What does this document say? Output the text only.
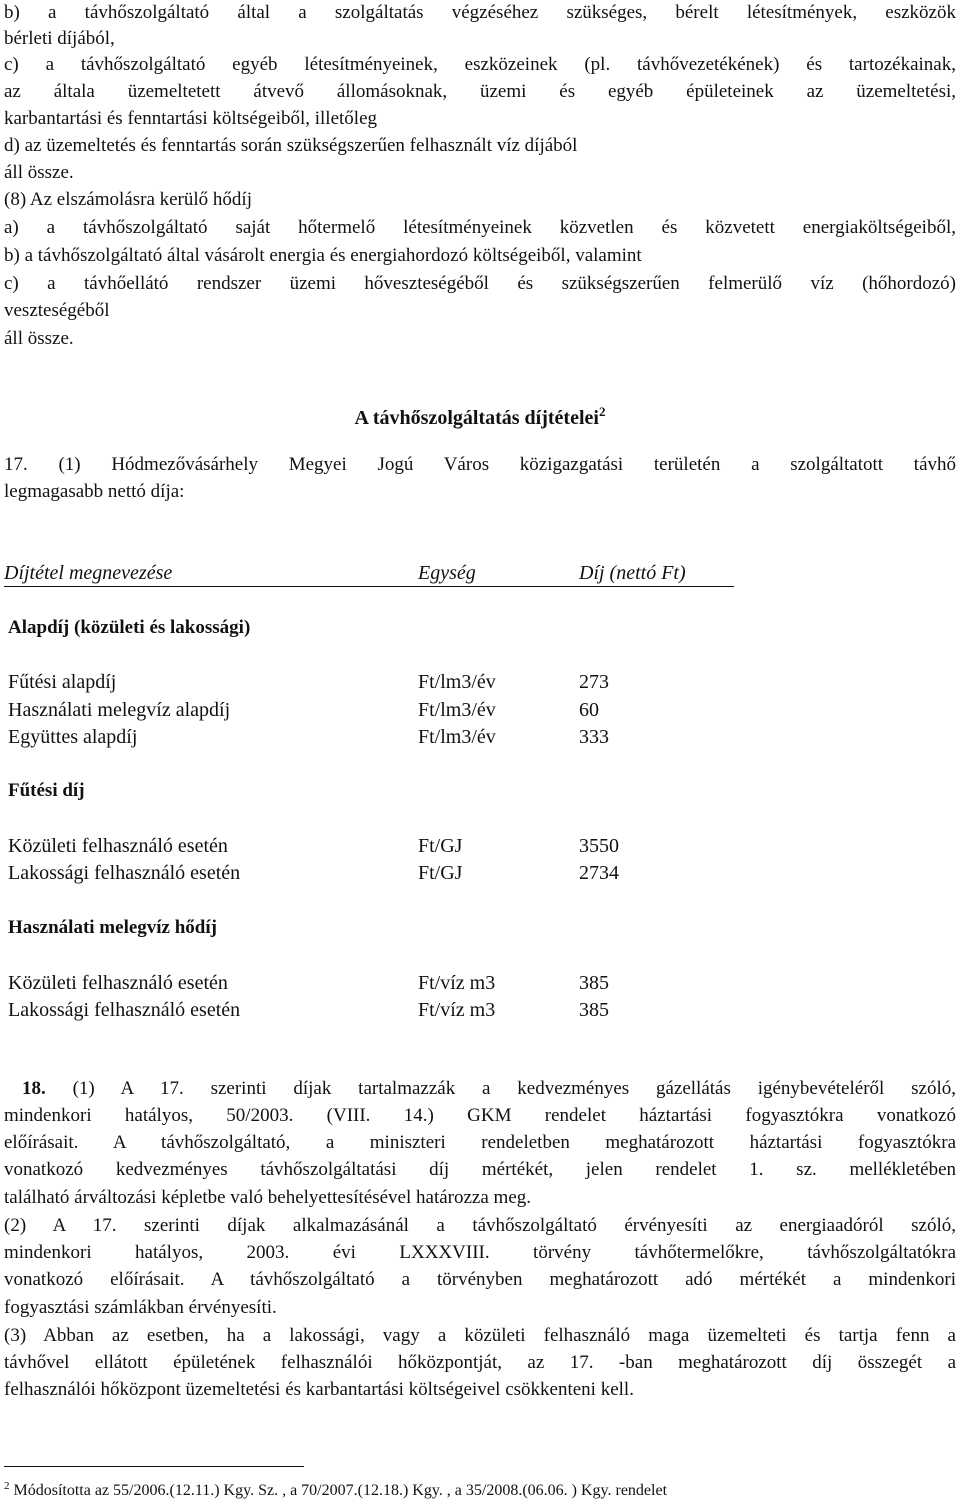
b) a távhőszolgáltató által a szolgáltatás végzéséhez szükséges, bérelt létesítmények, eszközök
bérleti díjából,
c) a távhőszolgáltató egyéb létesítményeinek, eszközeinek (pl. távhővezetékének) és tartozékainak,
az általa üzemeltetett átvevő állomásoknak, üzemi és egyéb épületeinek az üzemeltetési,
karbantartási és fenntartási költségeiből, illetőleg
d) az üzemeltetés és fenntartás során szükségszerűen felhasznált víz díjából
áll össze.
(8) Az elszámolásra kerülő hődíj
a) a távhőszolgáltató saját hőtermelő létesítményeinek közvetlen és közvetett energiaköltségeiből,
b) a távhőszolgáltató által vásárolt energia és energiahordozó költségeiből, valamint
c) a távhőellátó rendszer üzemi hőveszteségéből és szükségszerűen felmerülő víz (hőhordozó)
veszteségéből
áll össze.
A távhőszolgáltatás díjtételei$^2$
17. (1) Hódmezővásárhely Megyei Jogú Város közigazgatási területén a szolgáltatott távhő
legmagasabb nettó díja:
Díjtétel megnevezése	Egység	Díj (nettó Ft)
Alapdíj (közületi és lakossági)
Fűtési alapdíj	Ft/lm3/év	273
Használati melegvíz alapdíj	Ft/lm3/év	60
Együttes alapdíj	Ft/lm3/év	333
Fűtési díj
Közületi felhasználó esetén	Ft/GJ	3550
Lakossági felhasználó esetén	Ft/GJ	2734
Használati melegvíz hődíj
Közületi felhasználó esetén	Ft/víz m3	385
Lakossági felhasználó esetén	Ft/víz m3	385
18. (1) A 17. szerinti díjak tartalmazzák a kedvezményes gázellátás igénybevételéről szóló,
mindenkori hatályos, 50/2003. (VIII. 14.) GKM rendelet háztartási fogyasztókra vonatkozó
előírásait. A távhőszolgáltató, a miniszteri rendeletben meghatározott háztartási fogyasztókra
vonatkozó kedvezményes távhőszolgáltatási díj mértékét, jelen rendelet 1. sz. mellékletében
található árváltozási képletbe való behelyettesítésével határozza meg.
(2) A 17. szerinti díjak alkalmazásánál a távhőszolgáltató érvényesíti az energiaadóról szóló,
mindenkori hatályos, 2003. évi LXXXVIII. törvény távhőtermelőkre, távhőszolgáltatókra
vonatkozó előírásait. A távhőszolgáltató a törvényben meghatározott adó mértékét a mindenkori
fogyasztási számlákban érvényesíti.
(3) Abban az esetben, ha a lakossági, vagy a közületi felhasználó maga üzemelteti és tartja fenn a
távhővel ellátott épületének felhasználói hőközpontját, az 17. -ban meghatározott díj összegét a
felhasználói hőközpont üzemeltetési és karbantartási költségeivel csökkenteni kell.
$^2$ Módosította az 55/2006.(12.11.) Kgy. Sz. , a 70/2007.(12.18.) Kgy. , a 35/2008.(06.06. ) Kgy. rendelet
